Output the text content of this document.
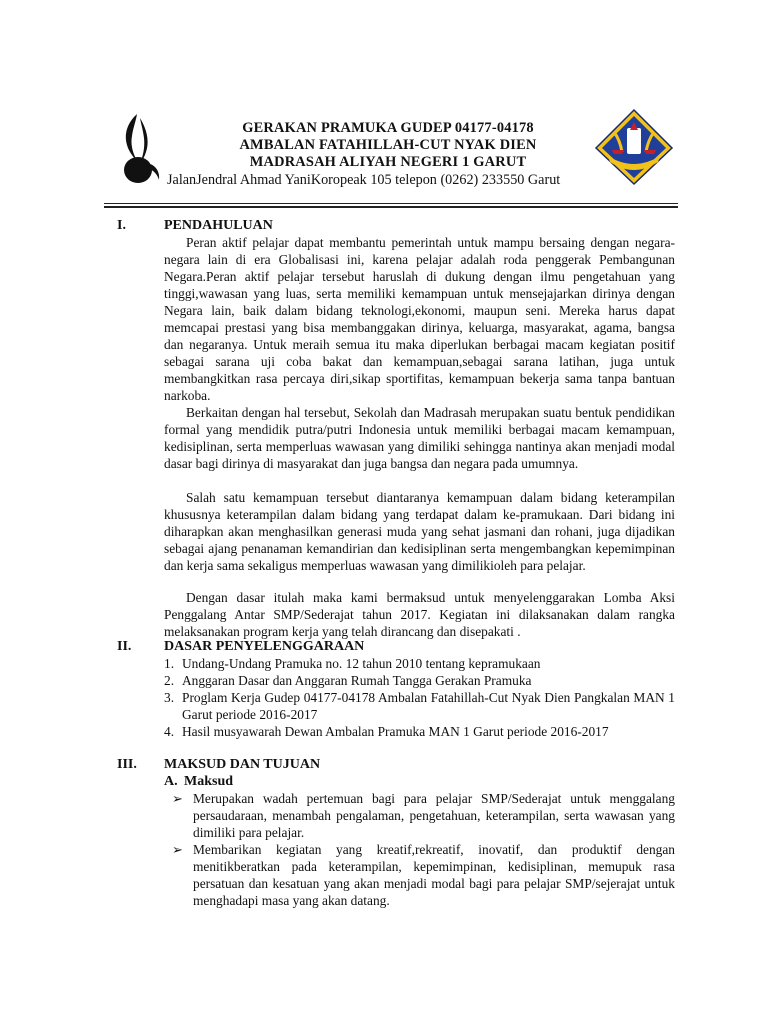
GERAKAN PRAMUKA GUDEP 04177-04178
AMBALAN FATAHILLAH-CUT NYAK DIEN
MADRASAH ALIYAH NEGERI 1 GARUT
JalanJendral Ahmad YaniKoropeak 105 telepon (0262) 233550 Garut
I.	PENDAHULUAN

Peran aktif pelajar dapat membantu pemerintah untuk mampu bersaing dengan negara- negara lain di era Globalisasi ini, karena pelajar adalah roda penggerak Pembangunan Negara.Peran aktif pelajar tersebut haruslah di dukung dengan ilmu pengetahuan yang tinggi,wawasan yang luas, serta memiliki kemampuan untuk mensejajarkan dirinya dengan Negara lain, baik dalam bidang teknologi,ekonomi, maupun seni. Mereka harus dapat memcapai prestasi yang bisa membanggakan dirinya, keluarga, masyarakat, agama, bangsa dan negaranya. Untuk meraih semua itu maka diperlukan berbagai macam kegiatan positif sebagai sarana uji coba bakat dan kemampuan,sebagai sarana latihan, juga untuk membangkitkan rasa percaya diri,sikap sportifitas, kemampuan bekerja sama tanpa bantuan narkoba.

Berkaitan dengan hal tersebut, Sekolah dan Madrasah merupakan suatu bentuk pendidikan formal yang mendidik putra/putri Indonesia untuk memiliki berbagai macam kemampuan, kedisiplinan, serta memperluas wawasan yang dimiliki sehingga nantinya akan menjadi modal dasar bagi dirinya di masyarakat dan juga bangsa dan negara pada umumnya.

Salah satu kemampuan tersebut diantaranya kemampuan dalam bidang keterampilan khususnya keterampilan dalam bidang yang terdapat dalam ke-pramukaan. Dari bidang ini diharapkan akan menghasilkan generasi muda yang sehat jasmani dan rohani, juga dijadikan sebagai ajang penanaman kemandirian dan kedisiplinan serta mengembangkan kepemimpinan dan kerja sama sekaligus memperluas wawasan yang dimilikioleh para pelajar.

Dengan dasar itulah maka kami bermaksud untuk menyelenggarakan Lomba Aksi Penggalang Antar SMP/Sederajat tahun 2017. Kegiatan ini dilaksanakan dalam rangka melaksanakan program kerja yang telah dirancang dan disepakati .

II. DASAR PENYELENGGARAAN
1. Undang-Undang Pramuka no. 12 tahun 2010 tentang kepramukaan
2. Anggaran Dasar dan Anggaran Rumah Tangga Gerakan Pramuka
3. Proglam Kerja Gudep 04177-04178 Ambalan Fatahillah-Cut Nyak Dien Pangkalan MAN 1 Garut periode 2016-2017
4. Hasil musyawarah Dewan Ambalan Pramuka MAN 1 Garut periode 2016-2017
III. MAKSUD DAN TUJUAN
A. Maksud
➢ Merupakan wadah pertemuan bagi para pelajar SMP/Sederajat untuk menggalang persaudaraan, menambah pengalaman, pengetahuan, keterampilan, serta wawasan yang dimiliki para pelajar.
➢ Membarikan kegiatan yang kreatif,rekreatif, inovatif, dan produktif dengan menitikberatkan pada keterampilan, kepemimpinan, kedisiplinan, memupuk rasa persatuan dan kesatuan yang akan menjadi modal bagi para pelajar SMP/sejerajat untuk menghadapi masa yang akan datang.
